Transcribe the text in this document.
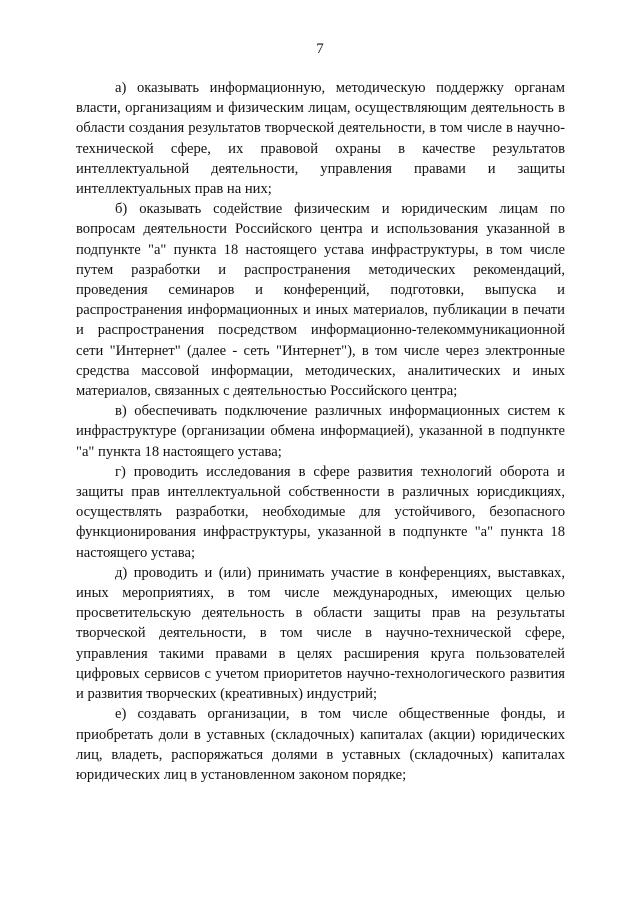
7

а) оказывать информационную, методическую поддержку органам власти, организациям и физическим лицам, осуществляющим деятельность в области создания результатов творческой деятельности, в том числе в научно-технической сфере, их правовой охраны в качестве результатов интеллектуальной деятельности, управления правами и защиты интеллектуальных прав на них;

б) оказывать содействие физическим и юридическим лицам по вопросам деятельности Российского центра и использования указанной в подпункте "а" пункта 18 настоящего устава инфраструктуры, в том числе путем разработки и распространения методических рекомендаций, проведения семинаров и конференций, подготовки, выпуска и распространения информационных и иных материалов, публикации в печати и распространения посредством информационно-телекоммуникационной сети "Интернет" (далее - сеть "Интернет"), в том числе через электронные средства массовой информации, методических, аналитических и иных материалов, связанных с деятельностью Российского центра;

в) обеспечивать подключение различных информационных систем к инфраструктуре (организации обмена информацией), указанной в подпункте "а" пункта 18 настоящего устава;

г) проводить исследования в сфере развития технологий оборота и защиты прав интеллектуальной собственности в различных юрисдикциях, осуществлять разработки, необходимые для устойчивого, безопасного функционирования инфраструктуры, указанной в подпункте "а" пункта 18 настоящего устава;

д) проводить и (или) принимать участие в конференциях, выставках, иных мероприятиях, в том числе международных, имеющих целью просветительскую деятельность в области защиты прав на результаты творческой деятельности, в том числе в научно-технической сфере, управления такими правами в целях расширения круга пользователей цифровых сервисов с учетом приоритетов научно-технологического развития и развития творческих (креативных) индустрий;

е) создавать организации, в том числе общественные фонды, и приобретать доли в уставных (складочных) капиталах (акции) юридических лиц, владеть, распоряжаться долями в уставных (складочных) капиталах юридических лиц в установленном законом порядке;
